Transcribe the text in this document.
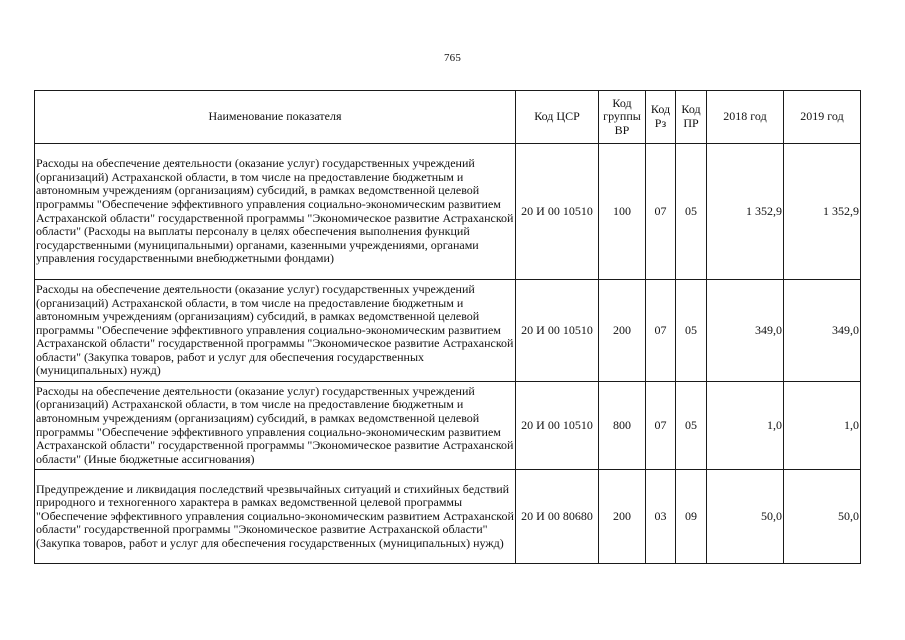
765
Наименование показателя	Код ЦСР	Код группы ВР	Код Рз	Код ПР	2018 год	2019 год
Расходы на обеспечение деятельности (оказание услуг) государственных учреждений (организаций) Астраханской области, в том числе на предоставление бюджетным и автономным учреждениям (организациям) субсидий, в рамках ведомственной целевой программы "Обеспечение эффективного управления социально-экономическим развитием Астраханской области" государственной программы "Экономическое развитие Астраханской области" (Расходы на выплаты персоналу в целях обеспечения выполнения функций государственными (муниципальными) органами, казенными учреждениями, органами управления государственными внебюджетными фондами)	20 И 00 10510	100	07	05	1 352,9	1 352,9
Расходы на обеспечение деятельности (оказание услуг) государственных учреждений (организаций) Астраханской области, в том числе на предоставление бюджетным и автономным учреждениям (организациям) субсидий, в рамках ведомственной целевой программы "Обеспечение эффективного управления социально-экономическим развитием Астраханской области" государственной программы "Экономическое развитие Астраханской области" (Закупка товаров, работ и услуг для обеспечения государственных (муниципальных) нужд)	20 И 00 10510	200	07	05	349,0	349,0
Расходы на обеспечение деятельности (оказание услуг) государственных учреждений (организаций) Астраханской области, в том числе на предоставление бюджетным и автономным учреждениям (организациям) субсидий, в рамках ведомственной целевой программы "Обеспечение эффективного управления социально-экономическим развитием Астраханской области" государственной программы "Экономическое развитие Астраханской области" (Иные бюджетные ассигнования)	20 И 00 10510	800	07	05	1,0	1,0
Предупреждение и ликвидация последствий чрезвычайных ситуаций и стихийных бедствий природного и техногенного характера в рамках ведомственной целевой программы "Обеспечение эффективного управления социально-экономическим развитием Астраханской области" государственной программы "Экономическое развитие Астраханской области" (Закупка товаров, работ и услуг для обеспечения государственных (муниципальных) нужд)	20 И 00 80680	200	03	09	50,0	50,0
